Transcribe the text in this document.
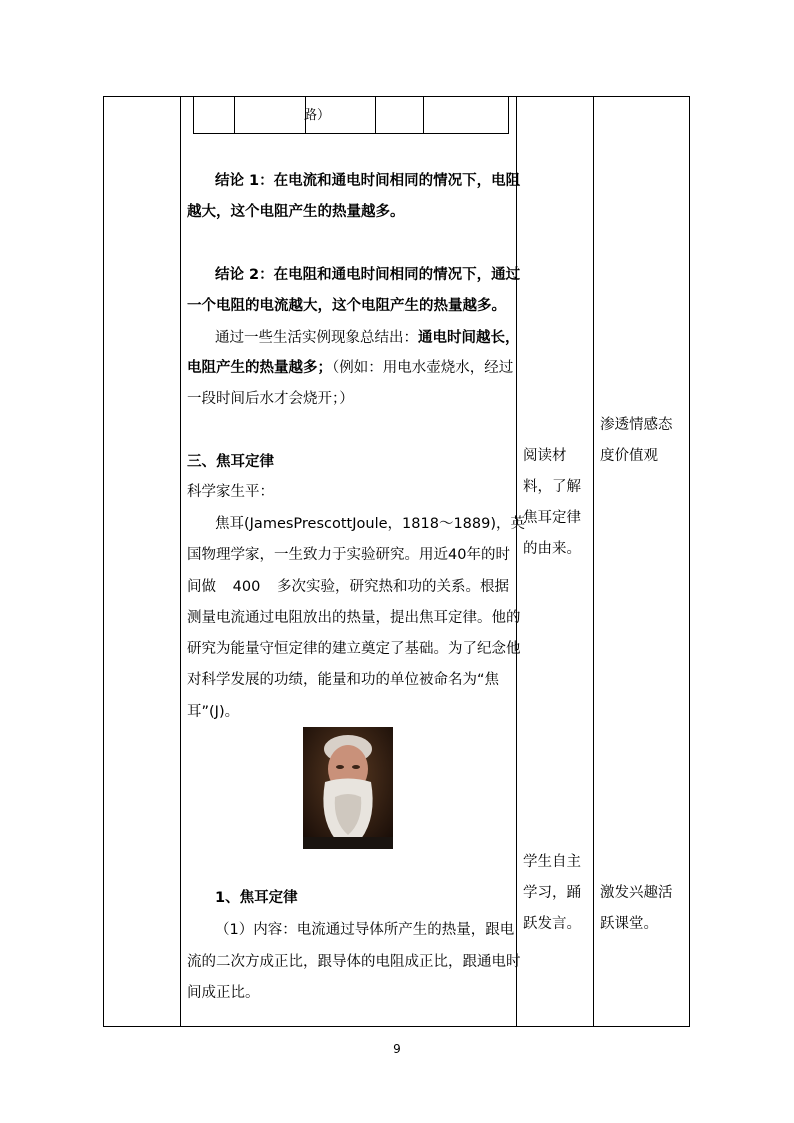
路）
结论 1：在电流和通电时间相同的情况下，电阻
越大，这个电阻产生的热量越多。
结论 2：在电阻和通电时间相同的情况下，通过
一个电阻的电流越大，这个电阻产生的热量越多。
通过一些生活实例现象总结出：通电时间越长，
电阻产生的热量越多；（例如：用电水壶烧水，经过
一段时间后水才会烧开；）
三、焦耳定律
科学家生平：
焦耳(James Prescott Joule，1818～1889)，英
国物理学家，一生致力于实验研究。用近 40 年的时
间做 400 多次实验，研究热和功的关系。根据
测量电流通过电阻放出的热量，提出焦耳定律。他的
研究为能量守恒定律的建立奠定了基础。为了纪念他
对科学发展的功绩，能量和功的单位被命名为“焦
耳”(J)。
1、焦耳定律
（1）内容：电流通过导体所产生的热量，跟电
流的二次方成正比，跟导体的电阻成正比，跟通电时
间成正比。
阅读材
料，了解
焦耳定律
的由来。
学生自主
学习，踊
跃发言。
渗透情感态
度价值观
激发兴趣活
跃课堂。
9
